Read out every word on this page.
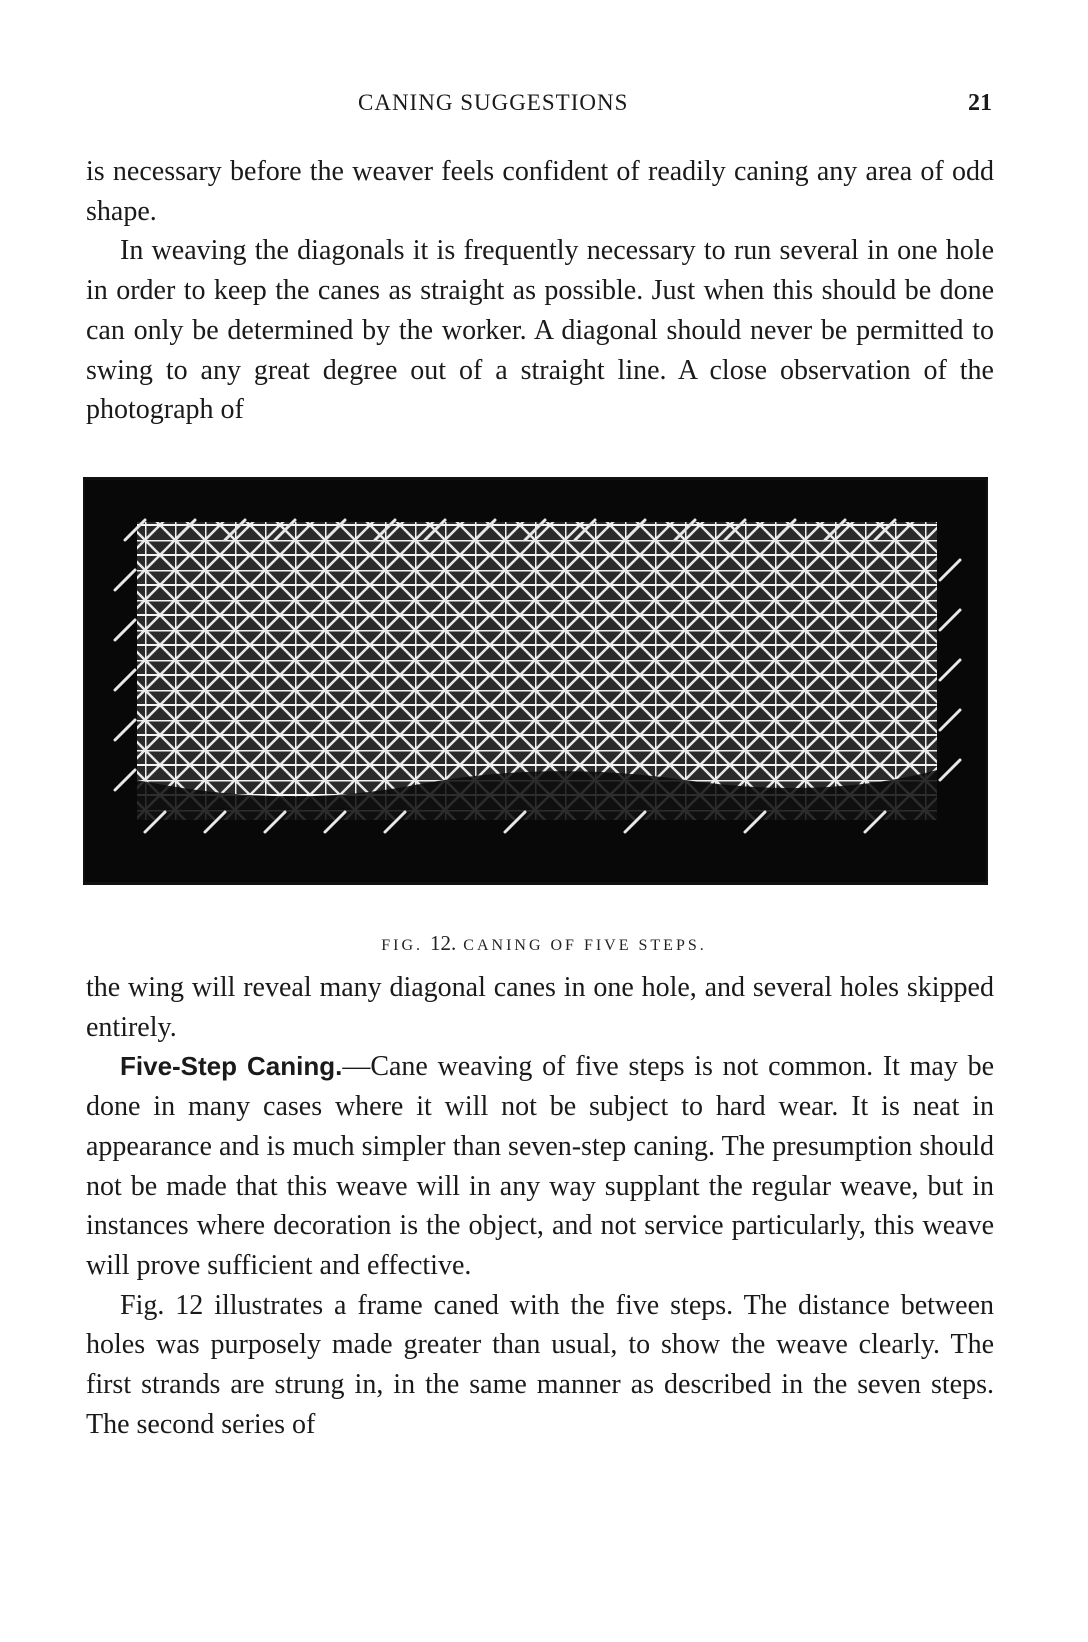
CANING SUGGESTIONS	21

is necessary before the weaver feels confident of readily caning any area of odd shape.

In weaving the diagonals it is frequently necessary to run several in one hole in order to keep the canes as straight as possible. Just when this should be done can only be determined by the worker. A diagonal should never be permitted to swing to any great degree out of a straight line. A close observation of the photograph of

FIG. 12. CANING OF FIVE STEPS.

the wing will reveal many diagonal canes in one hole, and several holes skipped entirely.

Five-Step Caning.—Cane weaving of five steps is not common. It may be done in many cases where it will not be subject to hard wear. It is neat in appearance and is much simpler than seven-step caning. The presumption should not be made that this weave will in any way supplant the regular weave, but in instances where decoration is the object, and not service particularly, this weave will prove sufficient and effective.

Fig. 12 illustrates a frame caned with the five steps. The distance between holes was purposely made greater than usual, to show the weave clearly. The first strands are strung in, in the same manner as described in the seven steps. The second series of
